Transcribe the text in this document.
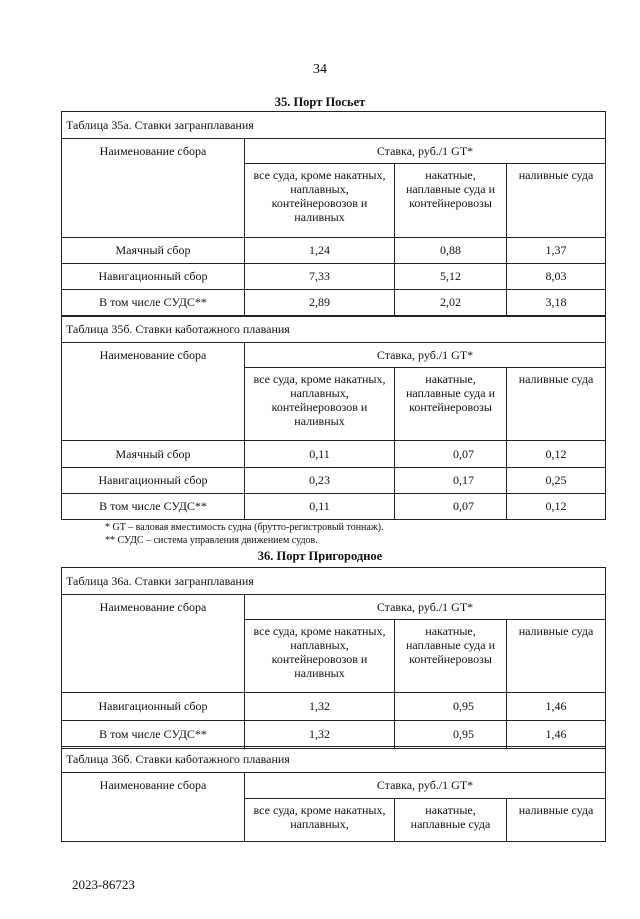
34
35. Порт Посьет
Таблица 35а. Ставки загранплавания			
Наименование сбора	Ставка, руб./1 GT*		
	все суда, кроме накатных, наплавных, контейнеровозов и наливных	накатные, наплавные суда и контейнеровозы	наливные суда
Маячный сбор	1,24	0,88	1,37
Навигационный сбор	7,33	5,12	8,03
В том числе СУДС**	2,89	2,02	3,18
Таблица 35б. Ставки каботажного плавания			
Наименование сбора	Ставка, руб./1 GT*		
	все суда, кроме накатных, наплавных, контейнеровозов и наливных	накатные, наплавные суда и контейнеровозы	наливные суда
Маячный сбор	0,11	0,07	0,12
Навигационный сбор	0,23	0,17	0,25
В том числе СУДС**	0,11	0,07	0,12
* GT – валовая вместимость судна (брутто-регистровый тоннаж).
** СУДС – система управления движением судов.
36. Порт Пригородное
Таблица 36а. Ставки загранплавания			
Наименование сбора	Ставка, руб./1 GT*		
	все суда, кроме накатных, наплавных, контейнеровозов и наливных	накатные, наплавные суда и контейнеровозы	наливные суда
Навигационный сбор	1,32	0,95	1,46
В том числе СУДС**	1,32	0,95	1,46
Таблица 36б. Ставки каботажного плавания			
Наименование сбора	Ставка, руб./1 GT*		
	все суда, кроме накатных, наплавных,	накатные, наплавные суда	наливные суда
2023-86723
